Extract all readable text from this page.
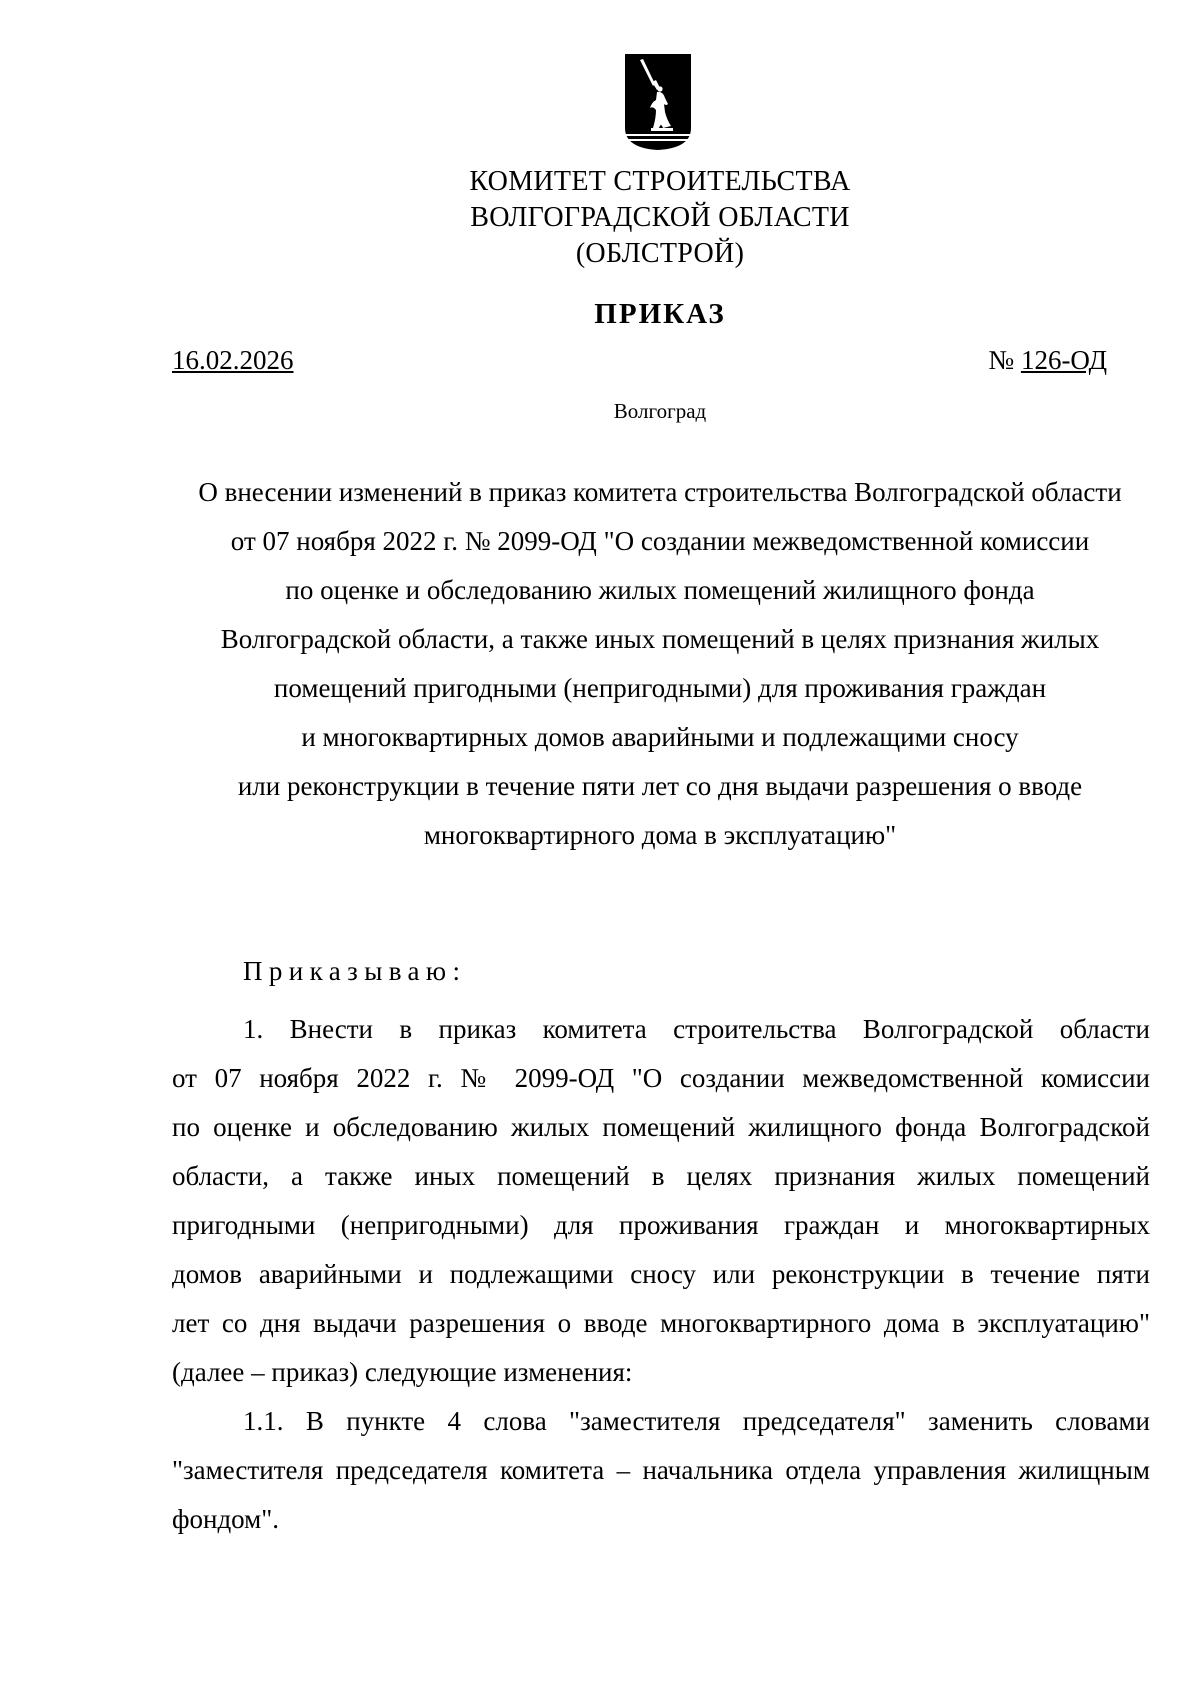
КОМИТЕТ СТРОИТЕЛЬСТВА
ВОЛГОГРАДСКОЙ ОБЛАСТИ
(ОБЛСТРОЙ)
ПРИКАЗ
16.02.2026	№ 126-ОД
Волгоград
О внесении изменений в приказ комитета строительства Волгоградской области
от 07 ноября 2022 г. № 2099-ОД "О создании межведомственной комиссии
по оценке и обследованию жилых помещений жилищного фонда
Волгоградской области, а также иных помещений в целях признания жилых
помещений пригодными (непригодными) для проживания граждан
и многоквартирных домов аварийными и подлежащими сносу
или реконструкции в течение пяти лет со дня выдачи разрешения о вводе
многоквартирного дома в эксплуатацию"
Приказываю:
1. Внести в приказ комитета строительства Волгоградской области
от 07 ноября 2022 г. № 2099-ОД "О создании межведомственной комиссии
по оценке и обследованию жилых помещений жилищного фонда Волгоградской
области, а также иных помещений в целях признания жилых помещений
пригодными (непригодными) для проживания граждан и многоквартирных
домов аварийными и подлежащими сносу или реконструкции в течение пяти
лет со дня выдачи разрешения о вводе многоквартирного дома в эксплуатацию"
(далее – приказ) следующие изменения:
1.1. В пункте 4 слова "заместителя председателя" заменить словами
"заместителя председателя комитета – начальника отдела управления жилищным
фондом".
